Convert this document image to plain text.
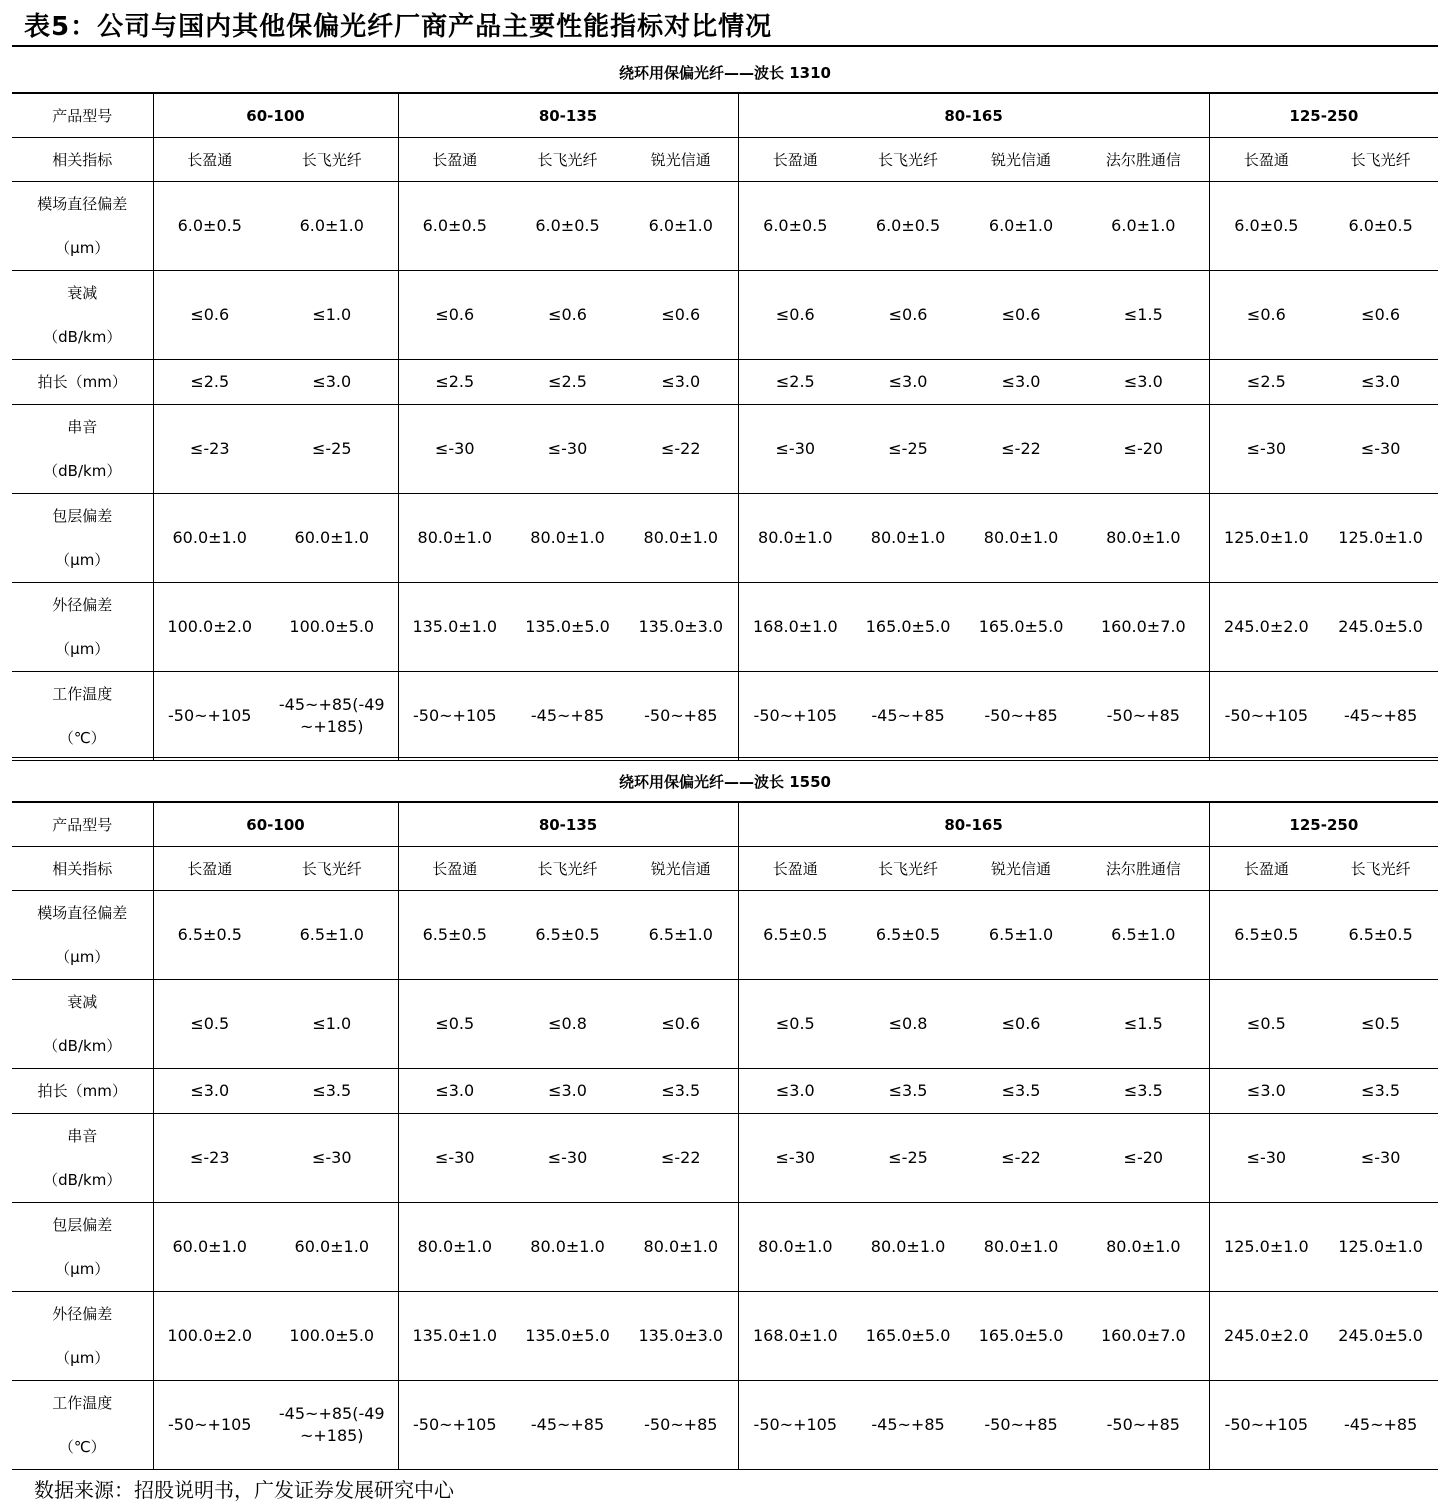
表5：公司与国内其他保偏光纤厂商产品主要性能指标对比情况
绕环用保偏光纤——波长 1310
产品型号	60-100		80-135			80-165				125-250	
相关指标	长盈通	长飞光纤	长盈通	长飞光纤	锐光信通	长盈通	长飞光纤	锐光信通	法尔胜通信	长盈通	长飞光纤

模场直径偏差
（μm）	6.0±0.5	6.0±1.0	6.0±0.5	6.0±0.5	6.0±1.0	6.0±0.5	6.0±0.5	6.0±1.0	6.0±1.0	6.0±0.5	6.0±0.5

衰减
（dB/km）	≤0.6	≤1.0	≤0.6	≤0.6	≤0.6	≤0.6	≤0.6	≤0.6	≤1.5	≤0.6	≤0.6

拍长（mm）	≤2.5	≤3.0	≤2.5	≤2.5	≤3.0	≤2.5	≤3.0	≤3.0	≤3.0	≤2.5	≤3.0

串音
（dB/km）	≤-23	≤-25	≤-30	≤-30	≤-22	≤-30	≤-25	≤-22	≤-20	≤-30	≤-30

包层偏差
（μm）	60.0±1.0	60.0±1.0	80.0±1.0	80.0±1.0	80.0±1.0	80.0±1.0	80.0±1.0	80.0±1.0	80.0±1.0	125.0±1.0	125.0±1.0

外径偏差
（μm）	100.0±2.0	100.0±5.0	135.0±1.0	135.0±5.0	135.0±3.0	168.0±1.0	165.0±5.0	165.0±5.0	160.0±7.0	245.0±2.0	245.0±5.0

工作温度
（℃）	-50~+105	-45~+85(-49~+185)	-50~+105	-45~+85	-50~+85	-50~+105	-45~+85	-50~+85	-50~+85	-50~+105	-45~+85
绕环用保偏光纤——波长 1550
产品型号	60-100		80-135			80-165				125-250	
相关指标	长盈通	长飞光纤	长盈通	长飞光纤	锐光信通	长盈通	长飞光纤	锐光信通	法尔胜通信	长盈通	长飞光纤

模场直径偏差
（μm）	6.5±0.5	6.5±1.0	6.5±0.5	6.5±0.5	6.5±1.0	6.5±0.5	6.5±0.5	6.5±1.0	6.5±1.0	6.5±0.5	6.5±0.5

衰减
（dB/km）	≤0.5	≤1.0	≤0.5	≤0.8	≤0.6	≤0.5	≤0.8	≤0.6	≤1.5	≤0.5	≤0.5

拍长（mm）	≤3.0	≤3.5	≤3.0	≤3.0	≤3.5	≤3.0	≤3.5	≤3.5	≤3.5	≤3.0	≤3.5

串音
（dB/km）	≤-23	≤-30	≤-30	≤-30	≤-22	≤-30	≤-25	≤-22	≤-20	≤-30	≤-30

包层偏差
（μm）	60.0±1.0	60.0±1.0	80.0±1.0	80.0±1.0	80.0±1.0	80.0±1.0	80.0±1.0	80.0±1.0	80.0±1.0	125.0±1.0	125.0±1.0

外径偏差
（μm）	100.0±2.0	100.0±5.0	135.0±1.0	135.0±5.0	135.0±3.0	168.0±1.0	165.0±5.0	165.0±5.0	160.0±7.0	245.0±2.0	245.0±5.0

工作温度
（℃）	-50~+105	-45~+85(-49~+185)	-50~+105	-45~+85	-50~+85	-50~+105	-45~+85	-50~+85	-50~+85	-50~+105	-45~+85
数据来源：招股说明书，广发证券发展研究中心
